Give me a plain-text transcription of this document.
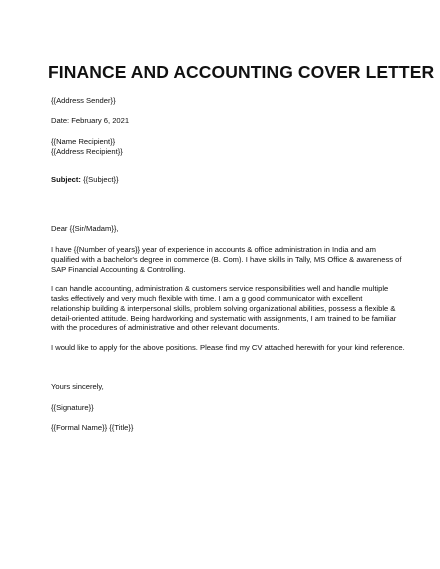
FINANCE AND ACCOUNTING COVER LETTER
{{Address Sender}}
Date: February 6, 2021
{{Name Recipient}}
{{Address Recipient}}
Subject: {{Subject}}
Dear {{Sir/Madam}},
I have {{Number of years}} year of experience in accounts & office administration in India and am
qualified with a bachelor's degree in commerce (B. Com). I have skills in Tally, MS Office & awareness of
SAP Financial Accounting & Controlling.
I can handle accounting, administration & customers service responsibilities well and handle multiple
tasks effectively and very much flexible with time. I am a g good communicator with excellent
relationship building & interpersonal skills, problem solving organizational abilities, possess a flexible &
detail-oriented attitude. Being hardworking and systematic with assignments, I am trained to be familiar
with the procedures of administrative and other relevant documents.
I would like to apply for the above positions. Please find my CV attached herewith for your kind reference.
Yours sincerely,
{{Signature}}
{{Formal Name}} {{Title}}
